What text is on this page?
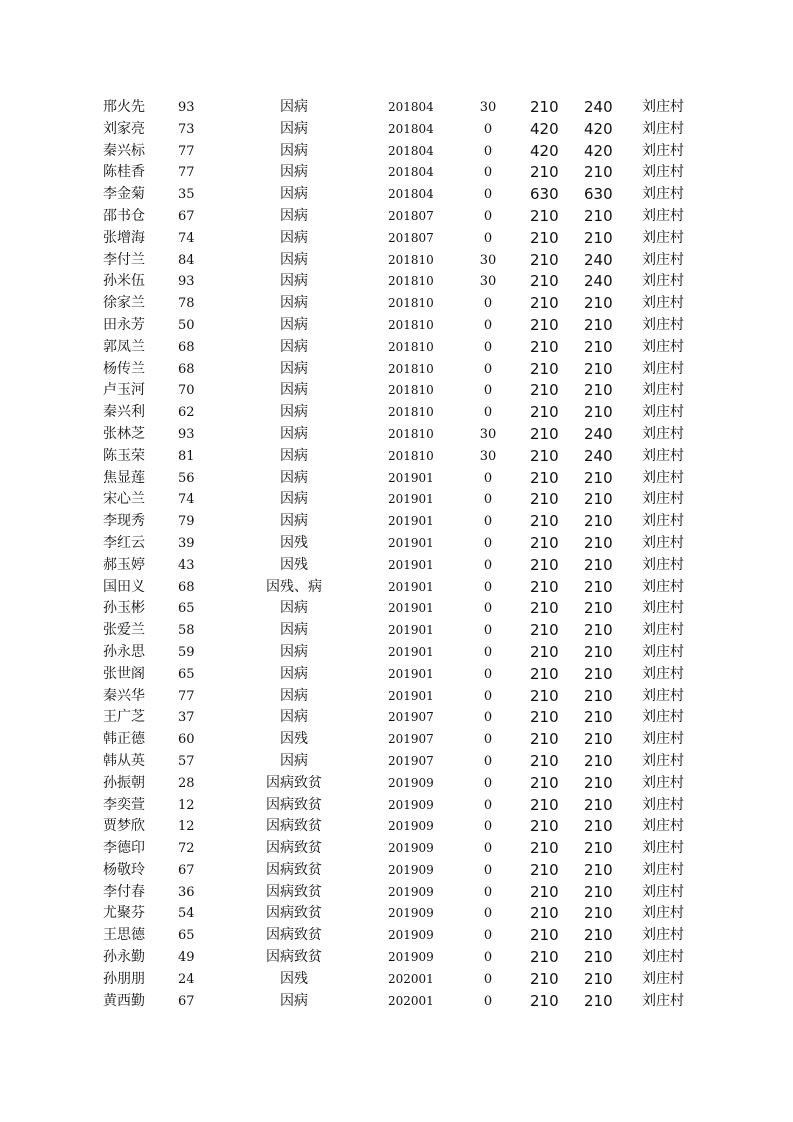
邢火先	93	因病	201804	30	210 240 刘庄村
刘家亮	73	因病	201804	0	420 420 刘庄村
秦兴标	77	因病	201804	0	420 420 刘庄村
陈桂香	77	因病	201804	0	210 210 刘庄村
李金菊	35	因病	201804	0	630 630 刘庄村
邵书仓	67	因病	201807	0	210 210 刘庄村
张增海	74	因病	201807	0	210 210 刘庄村
李付兰	84	因病	201810	30	210 240 刘庄村
孙米伍	93	因病	201810	30	210 240 刘庄村
徐家兰	78	因病	201810	0	210 210 刘庄村
田永芳	50	因病	201810	0	210 210 刘庄村
郭凤兰	68	因病	201810	0	210 210 刘庄村
杨传兰	68	因病	201810	0	210 210 刘庄村
卢玉河	70	因病	201810	0	210 210 刘庄村
秦兴利	62	因病	201810	0	210 210 刘庄村
张林芝	93	因病	201810	30	210 240 刘庄村
陈玉荣	81	因病	201810	30	210 240 刘庄村
焦显莲	56	因病	201901	0	210 210 刘庄村
宋心兰	74	因病	201901	0	210 210 刘庄村
李现秀	79	因病	201901	0	210 210 刘庄村
李红云	39	因残	201901	0	210 210 刘庄村
郝玉婷	43	因残	201901	0	210 210 刘庄村
国田义	68	因残、病	201901	0	210 210 刘庄村
孙玉彬	65	因病	201901	0	210 210 刘庄村
张爱兰	58	因病	201901	0	210 210 刘庄村
孙永思	59	因病	201901	0	210 210 刘庄村
张世阁	65	因病	201901	0	210 210 刘庄村
秦兴华	77	因病	201901	0	210 210 刘庄村
王广芝	37	因病	201907	0	210 210 刘庄村
韩正德	60	因残	201907	0	210 210 刘庄村
韩从英	57	因病	201907	0	210 210 刘庄村
孙振朝	28	因病致贫	201909	0	210 210 刘庄村
李奕萱	12	因病致贫	201909	0	210 210 刘庄村
贾梦欣	12	因病致贫	201909	0	210 210 刘庄村
李德印	72	因病致贫	201909	0	210 210 刘庄村
杨敬玲	67	因病致贫	201909	0	210 210 刘庄村
李付春	36	因病致贫	201909	0	210 210 刘庄村
尤聚芬	54	因病致贫	201909	0	210 210 刘庄村
王思德	65	因病致贫	201909	0	210 210 刘庄村
孙永勤	49	因病致贫	201909	0	210 210 刘庄村
孙朋朋	24	因残	202001	0	210 210 刘庄村
黄西勤	67	因病	202001	0	210 210 刘庄村
